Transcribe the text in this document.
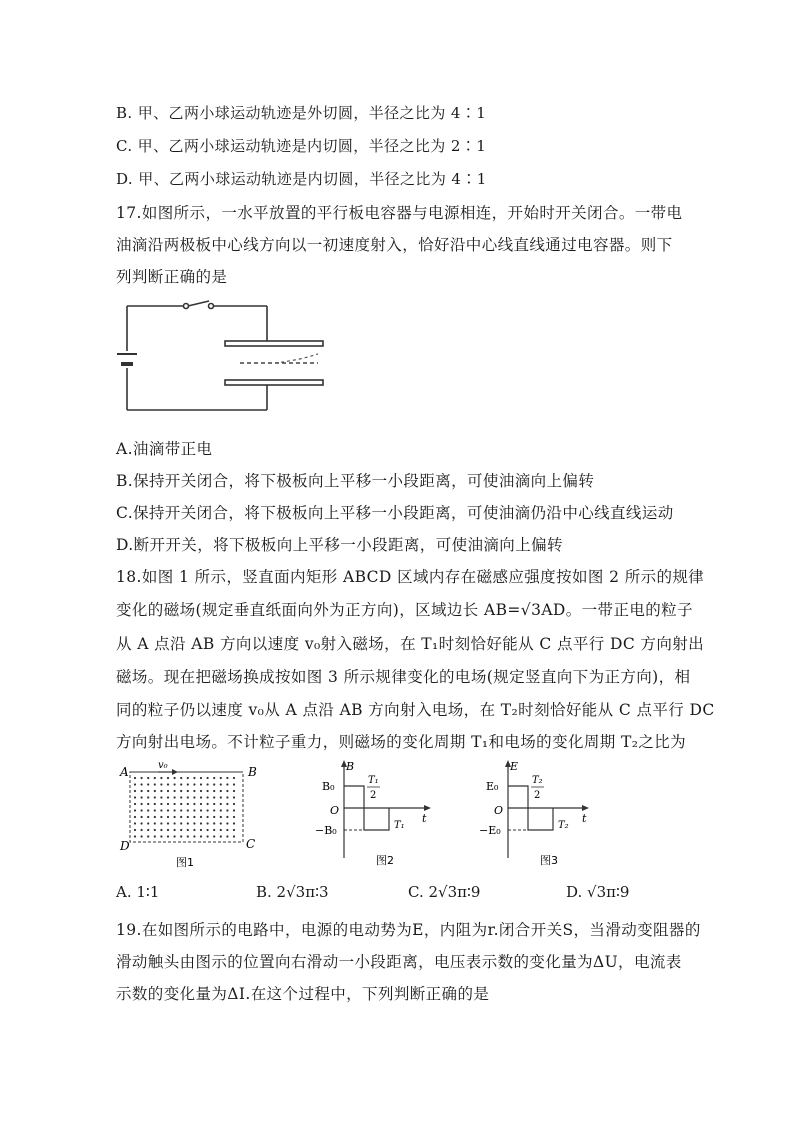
B. 甲、乙两小球运动轨迹是外切圆，半径之比为 4∶1
C. 甲、乙两小球运动轨迹是内切圆，半径之比为 2∶1
D. 甲、乙两小球运动轨迹是内切圆，半径之比为 4∶1
17.如图所示，一水平放置的平行板电容器与电源相连，开始时开关闭合。一带电
油滴沿两极板中心线方向以一初速度射入，恰好沿中心线直线通过电容器。则下
列判断正确的是
A.油滴带正电
B.保持开关闭合，将下极板向上平移一小段距离，可使油滴向上偏转
C.保持开关闭合，将下极板向上平移一小段距离，可使油滴仍沿中心线直线运动
D.断开开关，将下极板向上平移一小段距离，可使油滴向上偏转
18.如图 1 所示，竖直面内矩形 ABCD 区域内存在磁感应强度按如图 2 所示的规律
变化的磁场(规定垂直纸面向外为正方向)，区域边长 AB=√3AD。一带正电的粒子
从 A 点沿 AB 方向以速度 v₀射入磁场，在 T₁时刻恰好能从 C 点平行 DC 方向射出
磁场。现在把磁场换成按如图 3 所示规律变化的电场(规定竖直向下为正方向)，相
同的粒子仍以速度 v₀从 A 点沿 AB 方向射入电场，在 T₂时刻恰好能从 C 点平行 DC
方向射出电场。不计粒子重力，则磁场的变化周期 T₁和电场的变化周期 T₂之比为
A	B
D	C
v₀
图1
B
t
B₀
O
−B₀
T₁
2
T₁
图2
E
t
E₀
O
−E₀
T₂
2
T₂
图3
A. 1∶1	B. 2√3π∶3	C. 2√3π∶9	D. √3π∶9
19.在如图所示的电路中，电源的电动势为E，内阻为r.闭合开关S，当滑动变阻器的
滑动触头由图示的位置向右滑动一小段距离，电压表示数的变化量为ΔU，电流表
示数的变化量为ΔI.在这个过程中，下列判断正确的是
